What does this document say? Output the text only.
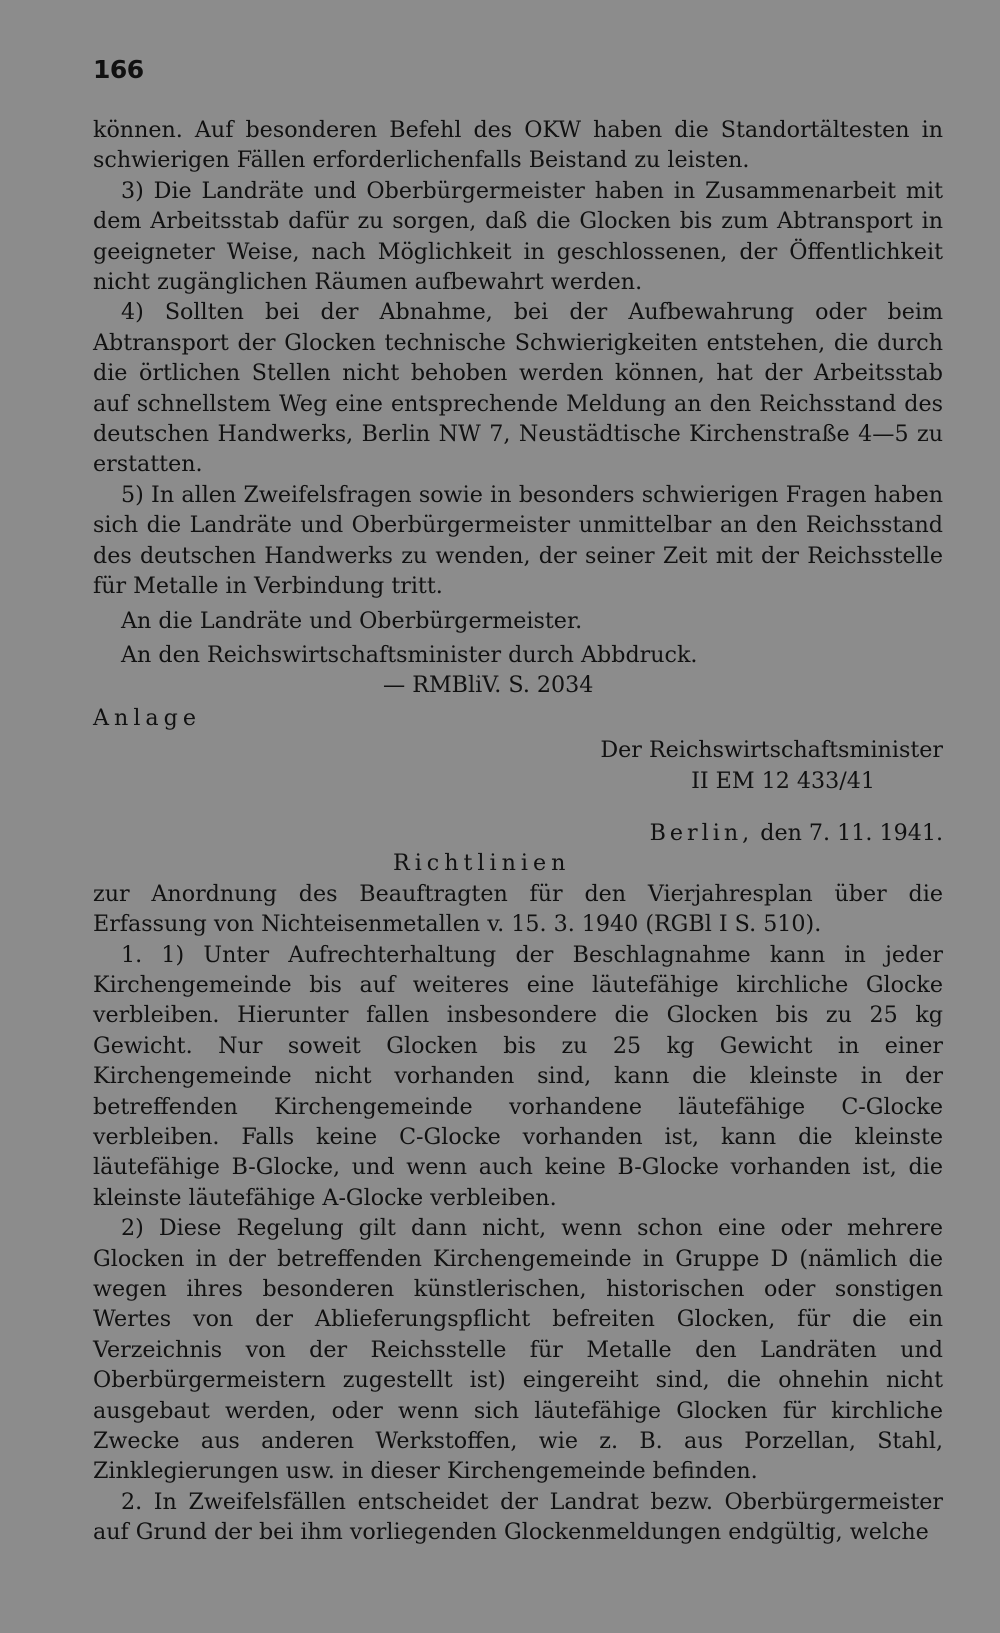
166

können. Auf besonderen Befehl des OKW haben die Standortältesten in schwierigen Fällen erforderlichenfalls Beistand zu leisten.

3) Die Landräte und Oberbürgermeister haben in Zusammenarbeit mit dem Arbeitsstab dafür zu sorgen, daß die Glocken bis zum Abtransport in geeigneter Weise, nach Möglichkeit in geschlossenen, der Öffentlichkeit nicht zugänglichen Räumen aufbewahrt werden.

4) Sollten bei der Abnahme, bei der Aufbewahrung oder beim Abtransport der Glocken technische Schwierigkeiten entstehen, die durch die örtlichen Stellen nicht behoben werden können, hat der Arbeitsstab auf schnellstem Weg eine entsprechende Meldung an den Reichsstand des deutschen Handwerks, Berlin NW 7, Neustädtische Kirchenstraße 4—5 zu erstatten.

5) In allen Zweifelsfragen sowie in besonders schwierigen Fragen haben sich die Landräte und Oberbürgermeister unmittelbar an den Reichsstand des deutschen Handwerks zu wenden, der seiner Zeit mit der Reichsstelle für Metalle in Verbindung tritt.

An die Landräte und Oberbürgermeister.
An den Reichswirtschaftsminister durch Abbdruck.
— RMBliV. S. 2034
Anlage
Der Reichswirtschaftsminister
II EM 12 433/41
Berlin, den 7. 11. 1941.
Richtlinien

zur Anordnung des Beauftragten für den Vierjahresplan über die Erfassung von Nichteisenmetallen v. 15. 3. 1940 (RGBl I S. 510).

1. 1) Unter Aufrechterhaltung der Beschlagnahme kann in jeder Kirchengemeinde bis auf weiteres eine läutefähige kirchliche Glocke verbleiben. Hierunter fallen insbesondere die Glocken bis zu 25 kg Gewicht. Nur soweit Glocken bis zu 25 kg Gewicht in einer Kirchengemeinde nicht vorhanden sind, kann die kleinste in der betreffenden Kirchengemeinde vorhandene läutefähige C-Glocke verbleiben. Falls keine C-Glocke vorhanden ist, kann die kleinste läutefähige B-Glocke, und wenn auch keine B-Glocke vorhanden ist, die kleinste läutefähige A-Glocke verbleiben.

2) Diese Regelung gilt dann nicht, wenn schon eine oder mehrere Glocken in der betreffenden Kirchengemeinde in Gruppe D (nämlich die wegen ihres besonderen künstlerischen, historischen oder sonstigen Wertes von der Ablieferungspflicht befreiten Glocken, für die ein Verzeichnis von der Reichsstelle für Metalle den Landräten und Oberbürgermeistern zugestellt ist) eingereiht sind, die ohnehin nicht ausgebaut werden, oder wenn sich läutefähige Glocken für kirchliche Zwecke aus anderen Werkstoffen, wie z. B. aus Porzellan, Stahl, Zinklegierungen usw. in dieser Kirchengemeinde befinden.

2. In Zweifelsfällen entscheidet der Landrat bezw. Oberbürgermeister auf Grund der bei ihm vorliegenden Glockenmeldungen endgültig, welche
